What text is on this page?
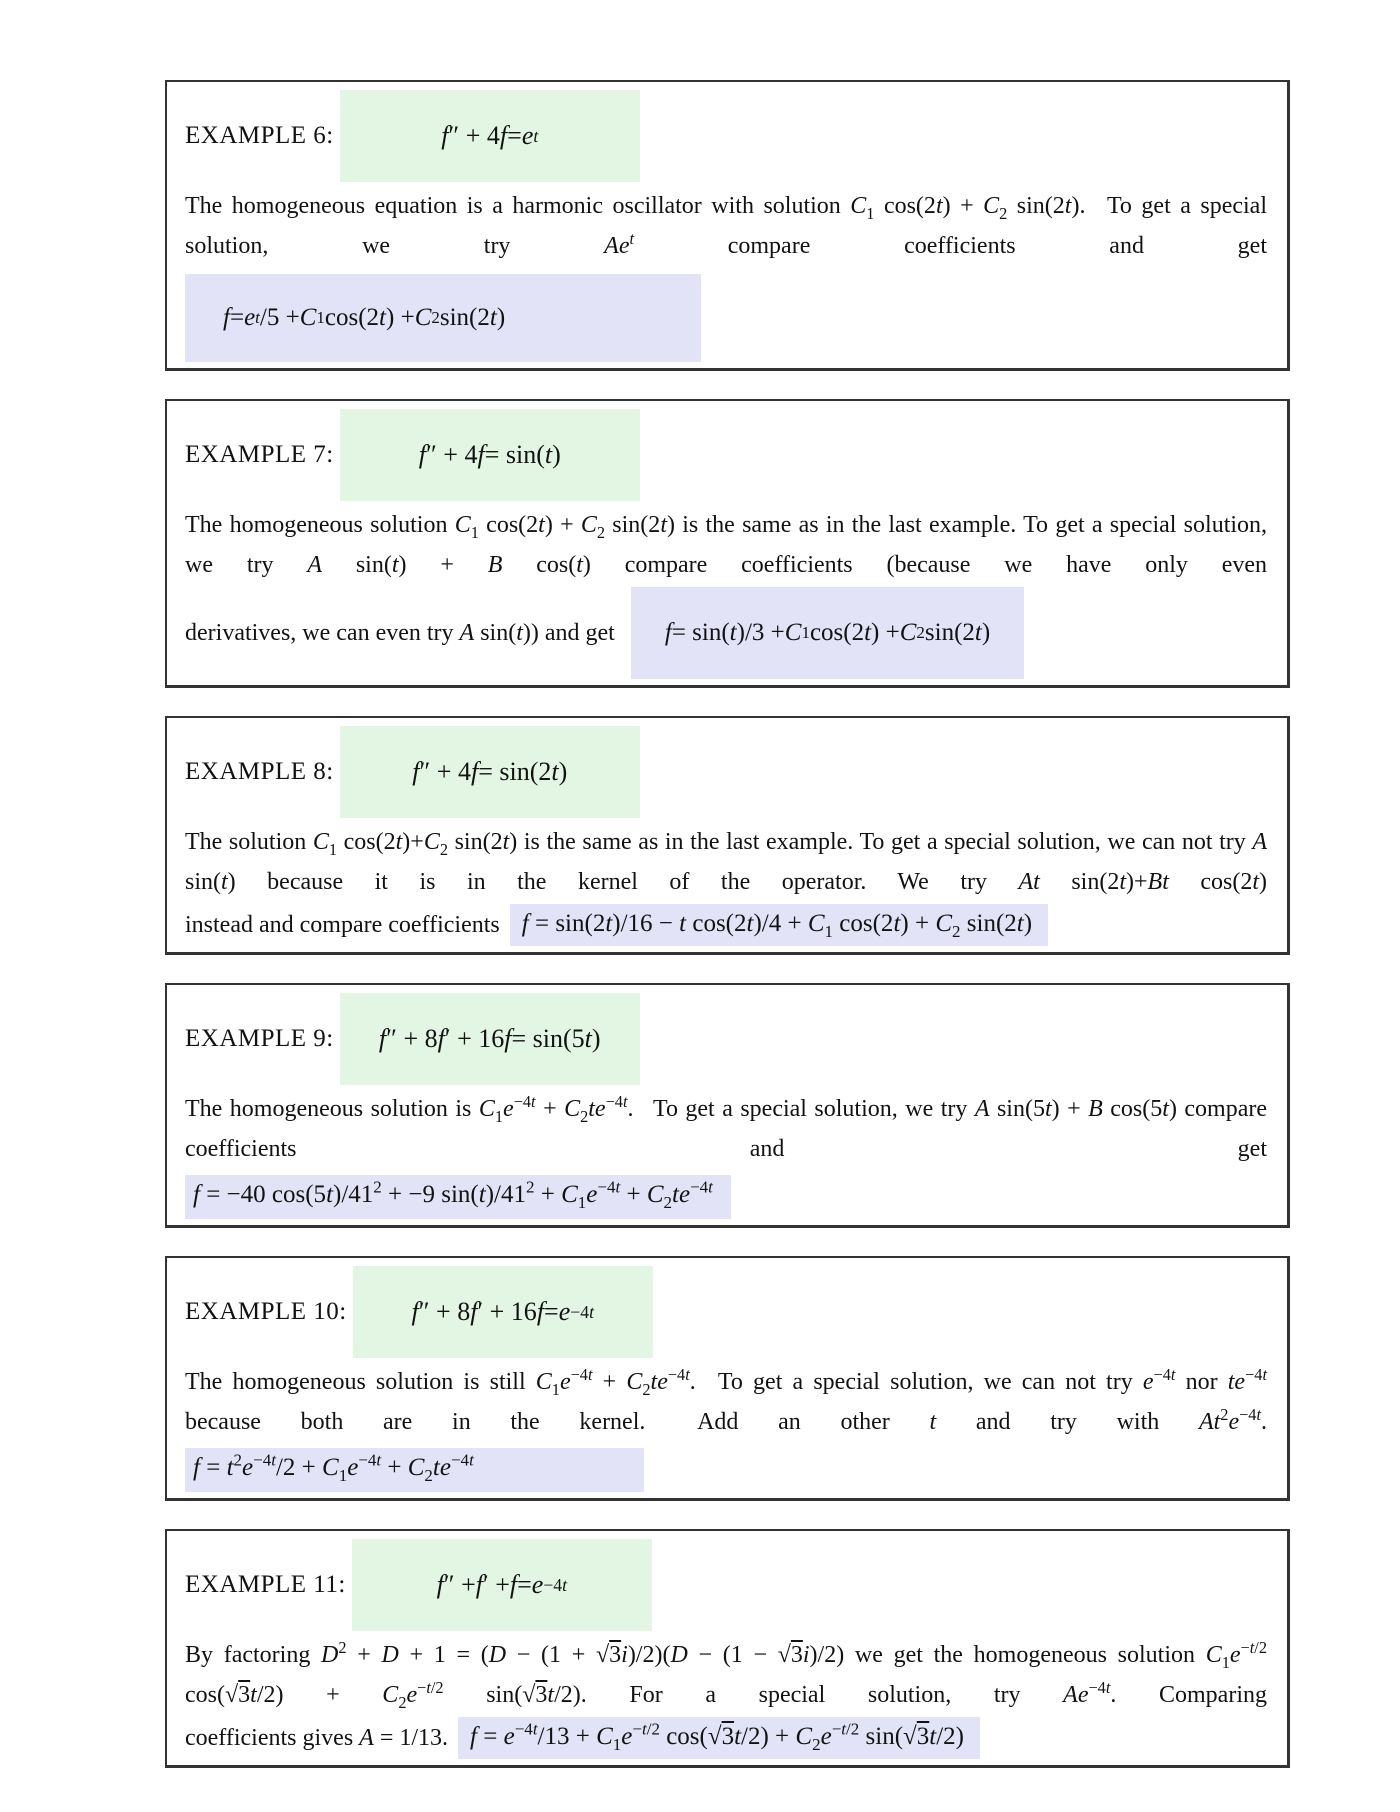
EXAMPLE 6:	f ″ + 4 f = e t

The homogeneous equation is a harmonic oscillator with solution $C_1$ $\cos(2t) + C_2$ sin(2t).  To get a special solution, we try Ae$^t$ compare coefficients and get

f = e t /5 + C 1 cos(2 t ) + C 2 sin(2 t )
EXAMPLE 7:	f ″ + 4 f = sin( t )

The homogeneous solution $C_1$ $\cos(2t) + C_2$ sin(2t) is the same as in the last example. To get a special solution, we try A sin(t) + B cos(t) compare coefficients (because we have only even

derivatives, we can even try A sin(t)) and get f = sin( t )/3 + C 1 cos(2 t ) + C 2 sin(2 t )
EXAMPLE 8:	f ″ + 4 f = sin(2 t )

The solution $C_1$ $\cos(2t)+C_2$ sin(2t) is the same as in the last example. To get a special solution, we can not try A sin(t) because it is in the kernel of the operator. We try At sin(2t)+Bt cos(2t)

instead and compare coefficients f = sin(2t)/16 − t $\cos(2t)/4 + C_1$ $\cos(2t) + C_2$ sin(2t)
EXAMPLE 9: f ″ + 8 f ′ + 16 f = sin(5 t )

The homogeneous solution is $C_1e^{-4t} + C_2te^{-4t}$.  To get a special solution, we try A sin(5t) + B cos(5t) compare coefficients and get

f = −40 $\cos(5t)/41^2 + -9$ $\sin(t)/41^2 + C_1e^{-4t} + C_2te^{-4t}$
EXAMPLE 10: f ″ + 8 f ′ + 16 f = e −4t

The homogeneous solution is still $C_1e^{-4t} + C_2te^{-4t}$.  To get a special solution, we can not try $e^{-4t}$ nor $te^{-4t}$ because both are in the kernel.  Add an other t and try with $At^2e^{-4t}$.

$f = t^2e^{-4t}/2 + C_1e^{-4t} + C_2te^{-4t}$
EXAMPLE 11:	f ″ + f ′ + f = e −4t

By factoring $D^2 + D + 1 = (D - (1 + √3i)/2)(D - (1 - √3i)/2)$ we get the homogeneous solution $C_1e^{-t/2}$ $\cos(√3t/2) + C_2e^{-t/2}$ sin(√3t/2). For a special solution, try $Ae^{-4t}$. Comparing

coefficients gives A = 1/13. $f = e^{-4t}/13 + C_1e^{-t/2}$ $\cos(√3t/2) + C_2e^{-t/2}$ sin(√3t/2)
